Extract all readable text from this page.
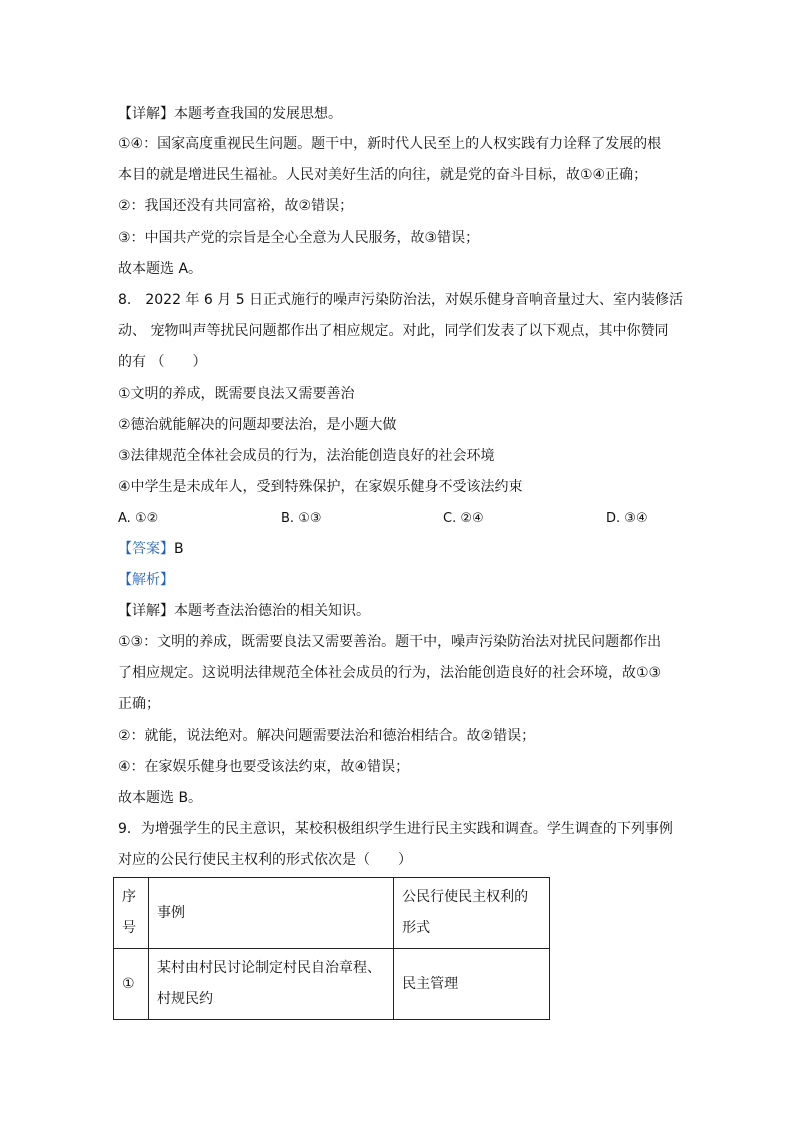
【详解】本题考查我国的发展思想。
①④：国家高度重视民生问题。题干中，新时代人民至上的人权实践有力诠释了发展的根
本目的就是增进民生福祉。人民对美好生活的向往，就是党的奋斗目标，故①④正确；
②：我国还没有共同富裕，故②错误；
③：中国共产党的宗旨是全心全意为人民服务，故③错误；
故本题选 A。
8.　2022 年 6 月 5 日正式施行的噪声污染防治法，对娱乐健身音响音量过大、室内装修活
动、 宠物叫声等扰民问题都作出了相应规定。对此，同学们发表了以下观点，其中你赞同
的有 （　　）
①文明的养成，既需要良法又需要善治
②德治就能解决的问题却要法治，是小题大做
③法律规范全体社会成员的行为，法治能创造良好的社会环境
④中学生是未成年人，受到特殊保护，在家娱乐健身不受该法约束
A. ①②	B. ①③	C. ②④	D. ③④
【答案】B
【解析】
【详解】本题考查法治德治的相关知识。
①③：文明的养成，既需要良法又需要善治。题干中，噪声污染防治法对扰民问题都作出
了相应规定。这说明法律规范全体社会成员的行为，法治能创造良好的社会环境，故①③
正确；
②：就能，说法绝对。解决问题需要法治和德治相结合。故②错误；
④：在家娱乐健身也要受该法约束，故④错误；
故本题选 B。
9．为增强学生的民主意识，某校积极组织学生进行民主实践和调查。学生调查的下列事例
对应的公民行使民主权利的形式依次是（　　）
序
号	事例	公民行使民主权利的
形式
①	某村由村民讨论制定村民自治章程、
村规民约	民主管理
